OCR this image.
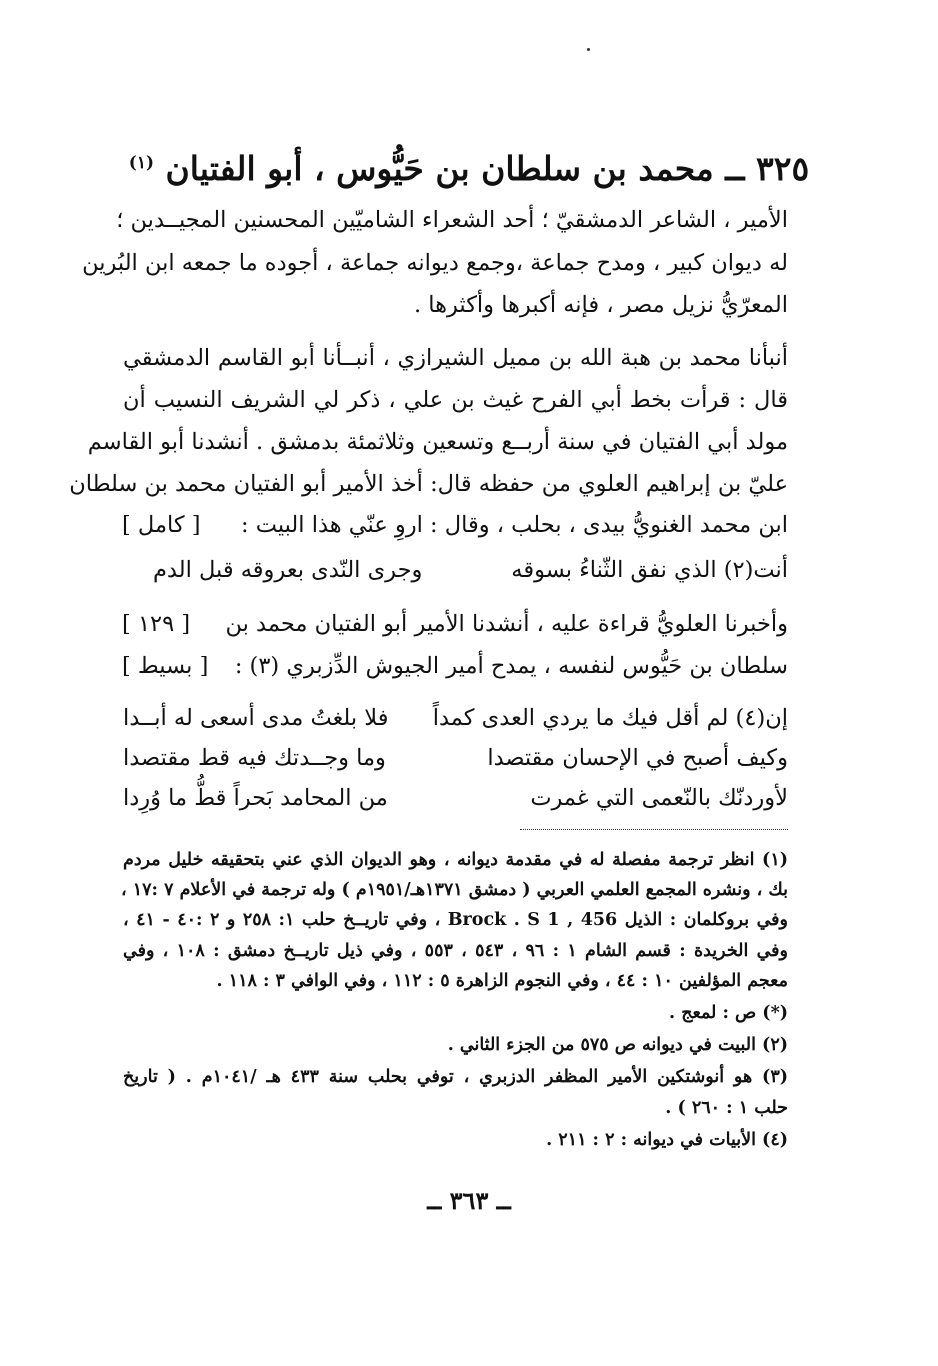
٣٢٥ ــ محمد بن سلطان بن حَيُّوس ، أبو الفتيان $^{(١)}$
الأمير ، الشاعر الدمشقيّ ؛ أحد الشعراء الشاميّين المحسنين المجيــدين ؛
له ديوان كبير ، ومدح جماعة ،وجمع ديوانه جماعة ، أجوده ما جمعه ابن البُرين
المعرّيُّ نزيل مصر ، فإنه أكبرها وأكثرها .
أنبأنا محمد بن هبة الله بن مميل الشيرازي ، أنبــأنا أبو القاسم الدمشقي
قال : قرأت بخط أبي الفرح غيث بن علي ، ذكر لي الشريف النسيب أن
مولد أبي الفتيان في سنة أربــع وتسعين وثلاثمئة بدمشق . أنشدنا أبو القاسم
عليّ بن إبراهيم العلوي من حفظه قال: أخذ الأمير أبو الفتيان محمد بن سلطان
ابن محمد الغنويُّ بيدى ، بحلب ، وقال : اروِ عنّي هذا البيت :
[ كامل ]
أنت(٢) الذي نفق الثّناءُ بسوقه
وجرى النّدى بعروقه قبل الدم
وأخبرنا العلويُّ قراءة عليه ، أنشدنا الأمير أبو الفتيان محمد بن
[ ١٢٩ ]
سلطان بن حَيُّوس لنفسه ، يمدح أمير الجيوش الدِّزبري (٣) :
[ بسيط ]
إن(٤) لم أقل فيك ما يردي العدى كمداً
فلا بلغتُ مدى أسعى له أبــدا
وكيف أصبح في الإحسان مقتصدا
وما وجــدتك فيه قط مقتصدا
لأوردنّك بالنّعمى التي غمرت
من المحامد بَحراً قطُّ ما وُرِدا
(١) انظر ترجمة مفصلة له في مقدمة ديوانه ، وهو الديوان الذي عني بتحقيقه خليل مردم
بك ، ونشره المجمع العلمي العربي ( دمشق ١٣٧١هـ/١٩٥١م ) وله ترجمة في الأعلام ٧ :١٧ ،
وفي بروكلمان : الذيل Brock . S 1 , 456 ، وفي تاريــخ حلب ١: ٢٥٨ و ٢ :٤٠ - ٤١ ،
وفي الخريدة : قسم الشام ١ : ٩٦ ، ٥٤٣ ، ٥٥٣ ، وفي ذيل تاريــخ دمشق : ١٠٨ ، وفي
معجم المؤلفين ١٠ : ٤٤ ، وفي النجوم الزاهرة ٥ : ١١٢ ، وفي الوافي ٣ : ١١٨ .
(*) ص : لمعج .
(٢) البيت في ديوانه ص ٥٧٥ من الجزء الثاني .
(٣) هو أنوشتكين الأمير المظفر الدزبري ، توفي بحلب سنة ٤٣٣ هـ /١٠٤١م . ( تاريخ
حلب ١ : ٢٦٠ ) .
(٤) الأبيات في ديوانه : ٢ : ٢١١ .
ــ ٣٦٣ ــ
